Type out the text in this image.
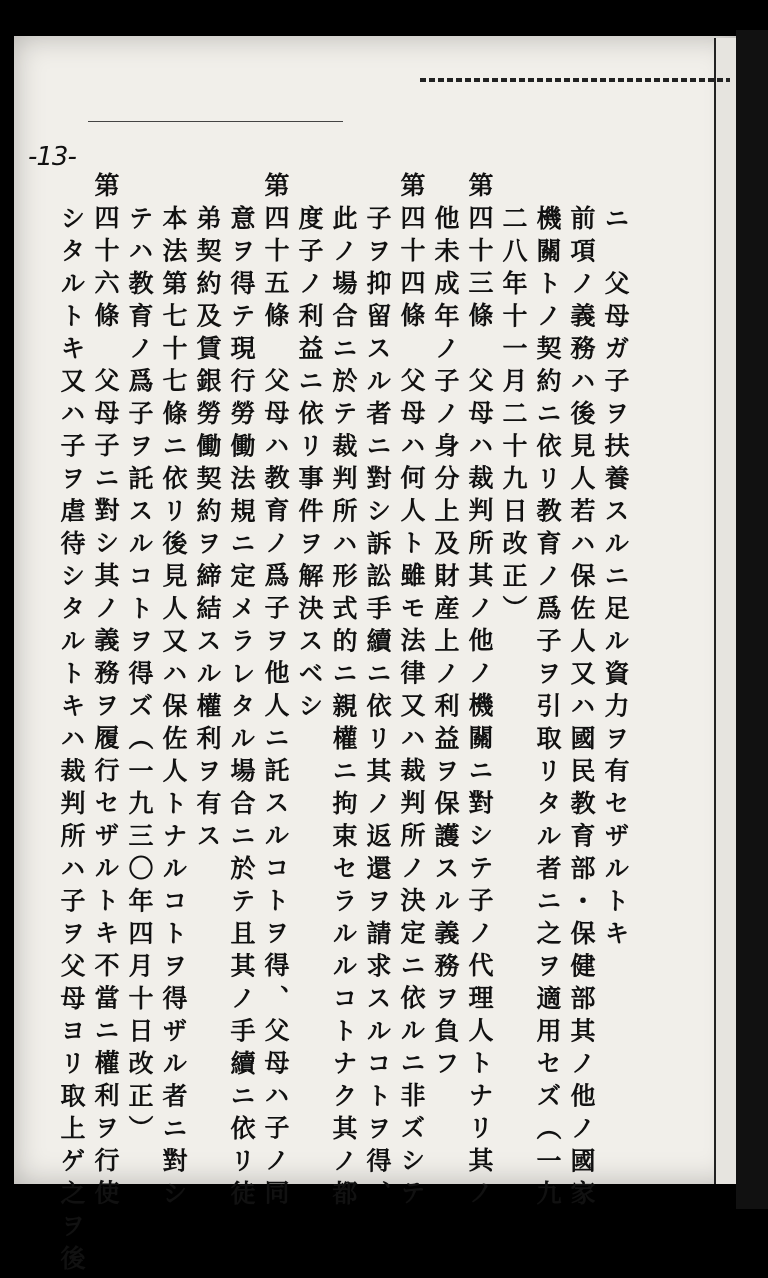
-13-
ニ　父母ガ子ヲ扶養スルニ足ル資力ヲ有セザルトキ
前項ノ義務ハ後見人若ハ保佐人又ハ國民教育部・保健部其ノ他ノ國家
機關トノ契約ニ依リ教育ノ爲子ヲ引取リタル者ニ之ヲ適用セズ（一九
二八年十一月二十九日改正）
第四十三條　父母ハ裁判所其ノ他ノ機關ニ對シテ子ノ代理人トナリ其ノ
他未成年ノ子ノ身分上及財産上ノ利益ヲ保護スル義務ヲ負フ
第四十四條　父母ハ何人ト雖モ法律又ハ裁判所ノ決定ニ依ルニ非ズシテ
子ヲ抑留スル者ニ對シ訴訟手續ニ依リ其ノ返還ヲ請求スルコトヲ得、
此ノ場合ニ於テ裁判所ハ形式的ニ親權ニ拘束セラルルコトナク其ノ都
度子ノ利益ニ依リ事件ヲ解決スベシ
第四十五條　父母ハ教育ノ爲子ヲ他人ニ託スルコトヲ得、父母ハ子ノ同
意ヲ得テ現行勞働法規ニ定メラレタル場合ニ於テ且其ノ手續ニ依リ徒
弟契約及賃銀勞働契約ヲ締結スル權利ヲ有ス
本法第七十七條ニ依リ後見人又ハ保佐人トナルコトヲ得ザル者ニ對シ
テハ教育ノ爲子ヲ託スルコトヲ得ズ（一九三〇年四月十日改正）
第四十六條　父母子ニ對シ其ノ義務ヲ履行セザルトキ不當ニ權利ヲ行使
シタルトキ又ハ子ヲ虐待シタルトキハ裁判所ハ子ヲ父母ヨリ取上ゲ之ヲ後
